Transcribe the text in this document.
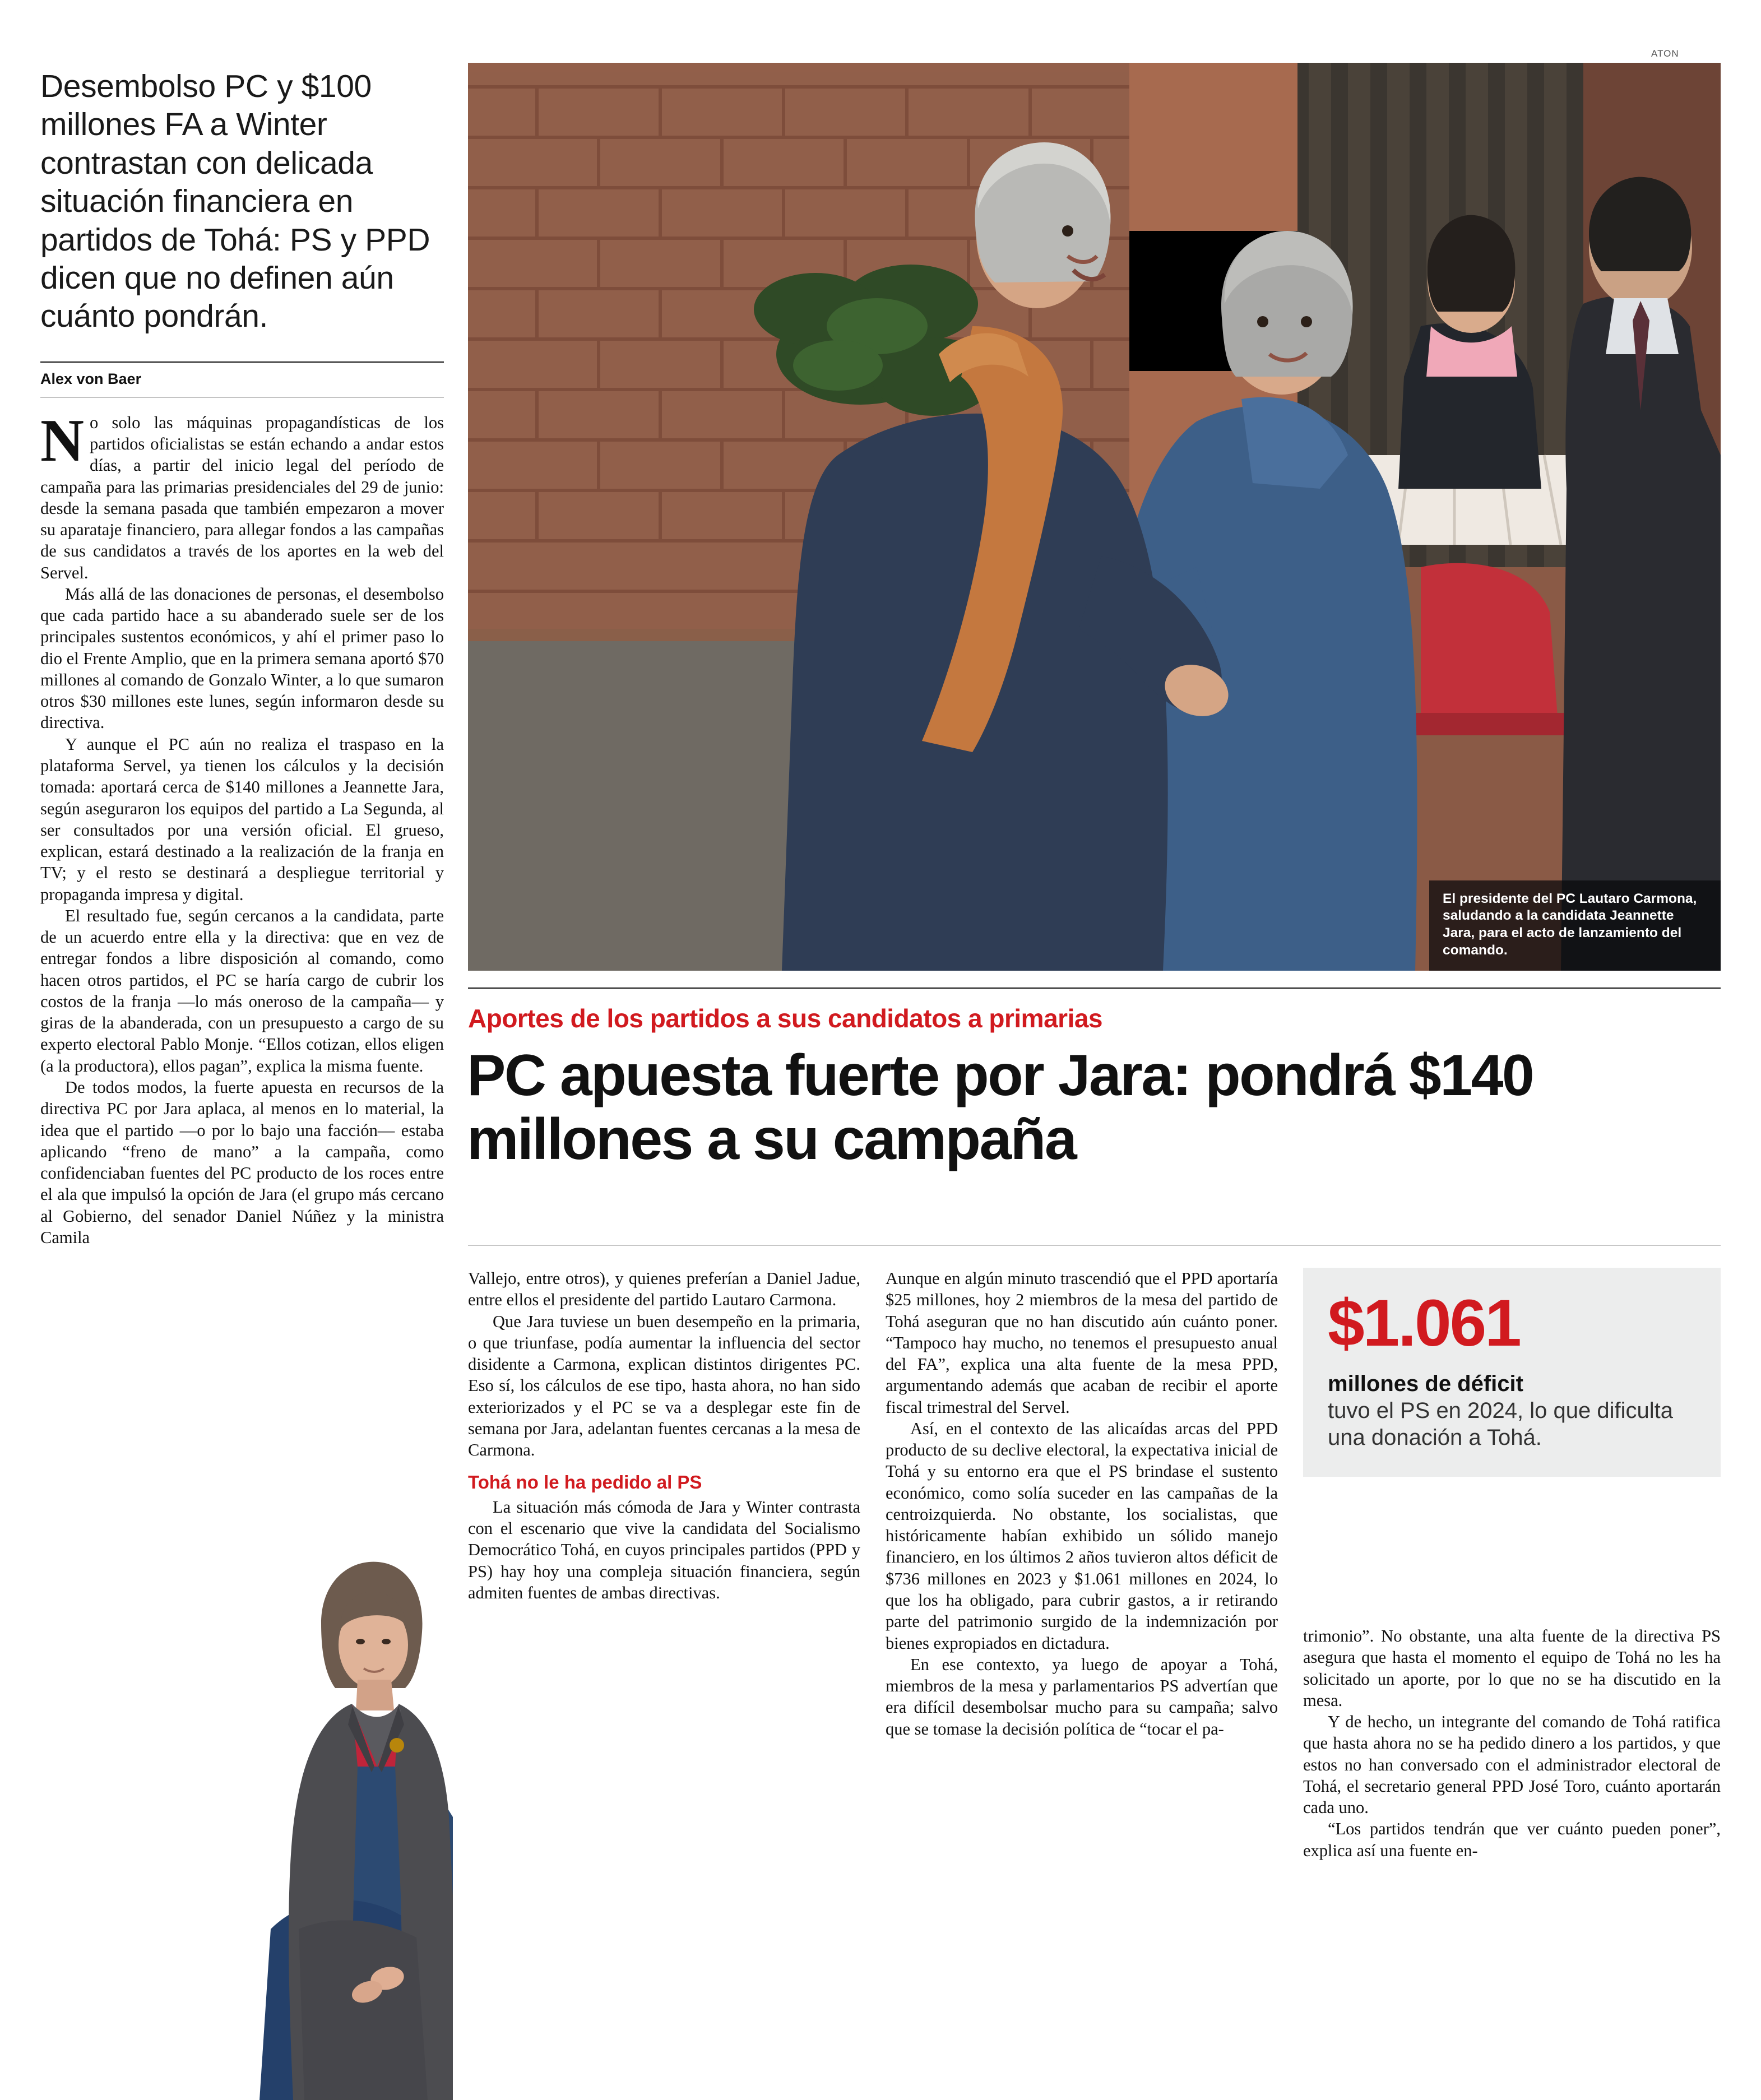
Desembolso PC y $100 millones FA a Winter contrastan con delicada situación financiera en partidos de Tohá: PS y PPD dicen que no definen aún cuánto pondrán.
Alex von Baer

No solo las máquinas propagandísticas de los partidos oficialistas se están echando a andar estos días, a partir del inicio legal del período de campaña para las primarias presidenciales del 29 de junio: desde la semana pasada que también empezaron a mover su aparataje financiero, para allegar fondos a las campañas de sus candidatos a través de los aportes en la web del Servel.

Más allá de las donaciones de personas, el desembolso que cada partido hace a su abanderado suele ser de los principales sustentos económicos, y ahí el primer paso lo dio el Frente Amplio, que en la primera semana aportó $70 millones al comando de Gonzalo Winter, a lo que sumaron otros $30 millones este lunes, según informaron desde su directiva.

Y aunque el PC aún no realiza el traspaso en la plataforma Servel, ya tienen los cálculos y la decisión tomada: aportará cerca de $140 millones a Jeannette Jara, según aseguraron los equipos del partido a La Segunda, al ser consultados por una versión oficial. El grueso, explican, estará destinado a la realización de la franja en TV; y el resto se destinará a despliegue territorial y propaganda impresa y digital.

El resultado fue, según cercanos a la candidata, parte de un acuerdo entre ella y la directiva: que en vez de entregar fondos a libre disposición al comando, como hacen otros partidos, el PC se haría cargo de cubrir los costos de la franja —lo más oneroso de la campaña— y giras de la abanderada, con un presupuesto a cargo de su experto electoral Pablo Monje. “Ellos cotizan, ellos eligen (a la productora), ellos pagan”, explica la misma fuente.

De todos modos, la fuerte apuesta en recursos de la directiva PC por Jara aplaca, al menos en lo material, la idea que el partido —o por lo bajo una facción— estaba aplicando “freno de mano” a la campaña, como confidenciaban fuentes del PC producto de los roces entre el ala que impulsó la opción de Jara (el grupo más cercano al Gobierno, del senador Daniel Núñez y la ministra Camila

ATON
El presidente del PC Lautaro Carmona, saludando a la candidata Jeannette Jara, para el acto de lanzamiento del comando.
Aportes de los partidos a sus candidatos a primarias
PC apuesta fuerte por Jara: pondrá $140 millones a su campaña

Vallejo, entre otros), y quienes preferían a Daniel Jadue, entre ellos el presidente del partido Lautaro Carmona.

Que Jara tuviese un buen desempeño en la primaria, o que triunfase, podía aumentar la influencia del sector disidente a Carmona, explican distintos dirigentes PC. Eso sí, los cálculos de ese tipo, hasta ahora, no han sido exteriorizados y el PC se va a desplegar este fin de semana por Jara, adelantan fuentes cercanas a la mesa de Carmona.

Tohá no le ha pedido al PS

La situación más cómoda de Jara y Winter contrasta con el escenario que vive la candidata del Socialismo Democrático Tohá, en cuyos principales partidos (PPD y PS) hay hoy una compleja situación financiera, según admiten fuentes de ambas directivas.

Aunque en algún minuto trascendió que el PPD aportaría $25 millones, hoy 2 miembros de la mesa del partido de Tohá aseguran que no han discutido aún cuánto poner. “Tampoco hay mucho, no tenemos el presupuesto anual del FA”, explica una alta fuente de la mesa PPD, argumentando además que acaban de recibir el aporte fiscal trimestral del Servel.

Así, en el contexto de las alicaídas arcas del PPD producto de su declive electoral, la expectativa inicial de Tohá y su entorno era que el PS brindase el sustento económico, como solía suceder en las campañas de la centroizquierda. No obstante, los socialistas, que históricamente habían exhibido un sólido manejo financiero, en los últimos 2 años tuvieron altos déficit de $736 millones en 2023 y $1.061 millones en 2024, lo que los ha obligado, para cubrir gastos, a ir retirando parte del patrimonio surgido de la indemnización por bienes expropiados en dictadura.

En ese contexto, ya luego de apoyar a Tohá, miembros de la mesa y parlamentarios PS advertían que era difícil desembolsar mucho para su campaña; salvo que se tomase la decisión política de “tocar el pa-

$1.061
millones de déficit
tuvo el PS en 2024, lo que dificulta una donación a Tohá.

trimonio”. No obstante, una alta fuente de la directiva PS asegura que hasta el momento el equipo de Tohá no les ha solicitado un aporte, por lo que no se ha discutido en la mesa.

Y de hecho, un integrante del comando de Tohá ratifica que hasta ahora no se ha pedido dinero a los partidos, y que estos no han conversado con el administrador electoral de Tohá, el secretario general PPD José Toro, cuánto aportarán cada uno.

“Los partidos tendrán que ver cuánto pueden poner”, explica así una fuente en-
